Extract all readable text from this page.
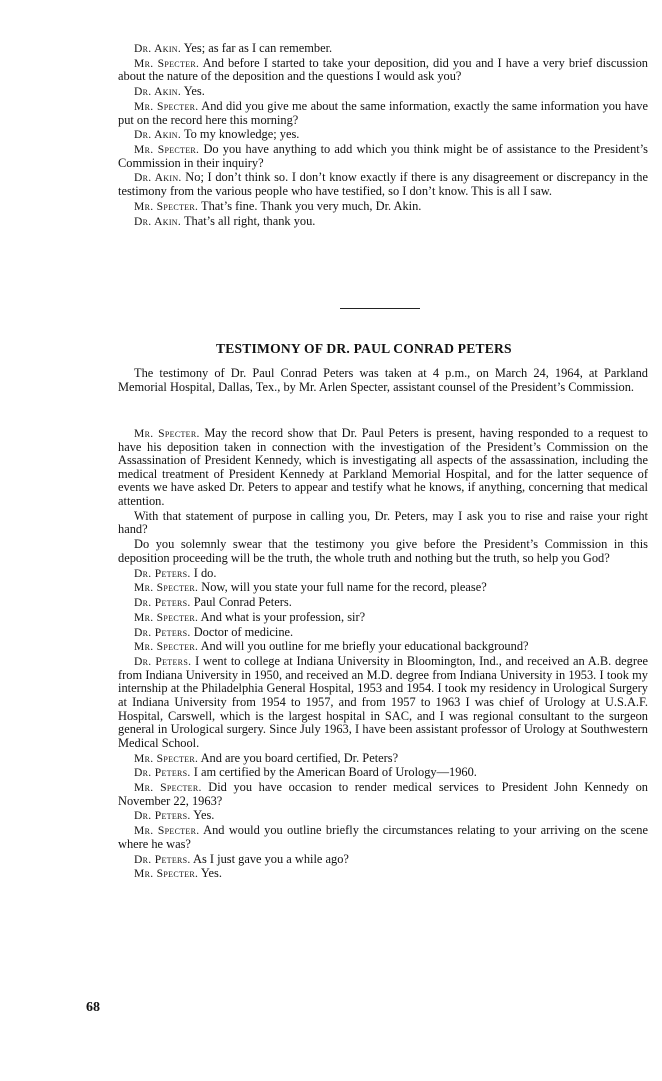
Dr. Akin. Yes; as far as I can remember.
Mr. Specter. And before I started to take your deposition, did you and I have a very brief discussion about the nature of the deposition and the questions I would ask you?
Dr. Akin. Yes.
Mr. Specter. And did you give me about the same information, exactly the same information you have put on the record here this morning?
Dr. Akin. To my knowledge; yes.
Mr. Specter. Do you have anything to add which you think might be of assistance to the President’s Commission in their inquiry?
Dr. Akin. No; I don’t think so. I don’t know exactly if there is any disagreement or discrepancy in the testimony from the various people who have testified, so I don’t know. This is all I saw.
Mr. Specter. That’s fine. Thank you very much, Dr. Akin.
Dr. Akin. That’s all right, thank you.
TESTIMONY OF DR. PAUL CONRAD PETERS
The testimony of Dr. Paul Conrad Peters was taken at 4 p.m., on March 24, 1964, at Parkland Memorial Hospital, Dallas, Tex., by Mr. Arlen Specter, assistant counsel of the President’s Commission.
Mr. Specter. May the record show that Dr. Paul Peters is present, having responded to a request to have his deposition taken in connection with the investigation of the President’s Commission on the Assassination of President Kennedy, which is investigating all aspects of the assassination, including the medical treatment of President Kennedy at Parkland Memorial Hospital, and for the latter sequence of events we have asked Dr. Peters to appear and testify what he knows, if anything, concerning that medical attention.
With that statement of purpose in calling you, Dr. Peters, may I ask you to rise and raise your right hand?
Do you solemnly swear that the testimony you give before the President’s Commission in this deposition proceeding will be the truth, the whole truth and nothing but the truth, so help you God?
Dr. Peters. I do.
Mr. Specter. Now, will you state your full name for the record, please?
Dr. Peters. Paul Conrad Peters.
Mr. Specter. And what is your profession, sir?
Dr. Peters. Doctor of medicine.
Mr. Specter. And will you outline for me briefly your educational background?
Dr. Peters. I went to college at Indiana University in Bloomington, Ind., and received an A.B. degree from Indiana University in 1950, and received an M.D. degree from Indiana University in 1953. I took my internship at the Philadelphia General Hospital, 1953 and 1954. I took my residency in Urological Surgery at Indiana University from 1954 to 1957, and from 1957 to 1963 I was chief of Urology at U.S.A.F. Hospital, Carswell, which is the largest hospital in SAC, and I was regional consultant to the surgeon general in Urological surgery. Since July 1963, I have been assistant professor of Urology at Southwestern Medical School.
Mr. Specter. And are you board certified, Dr. Peters?
Dr. Peters. I am certified by the American Board of Urology—1960.
Mr. Specter. Did you have occasion to render medical services to President John Kennedy on November 22, 1963?
Dr. Peters. Yes.
Mr. Specter. And would you outline briefly the circumstances relating to your arriving on the scene where he was?
Dr. Peters. As I just gave you a while ago?
Mr. Specter. Yes.
68
